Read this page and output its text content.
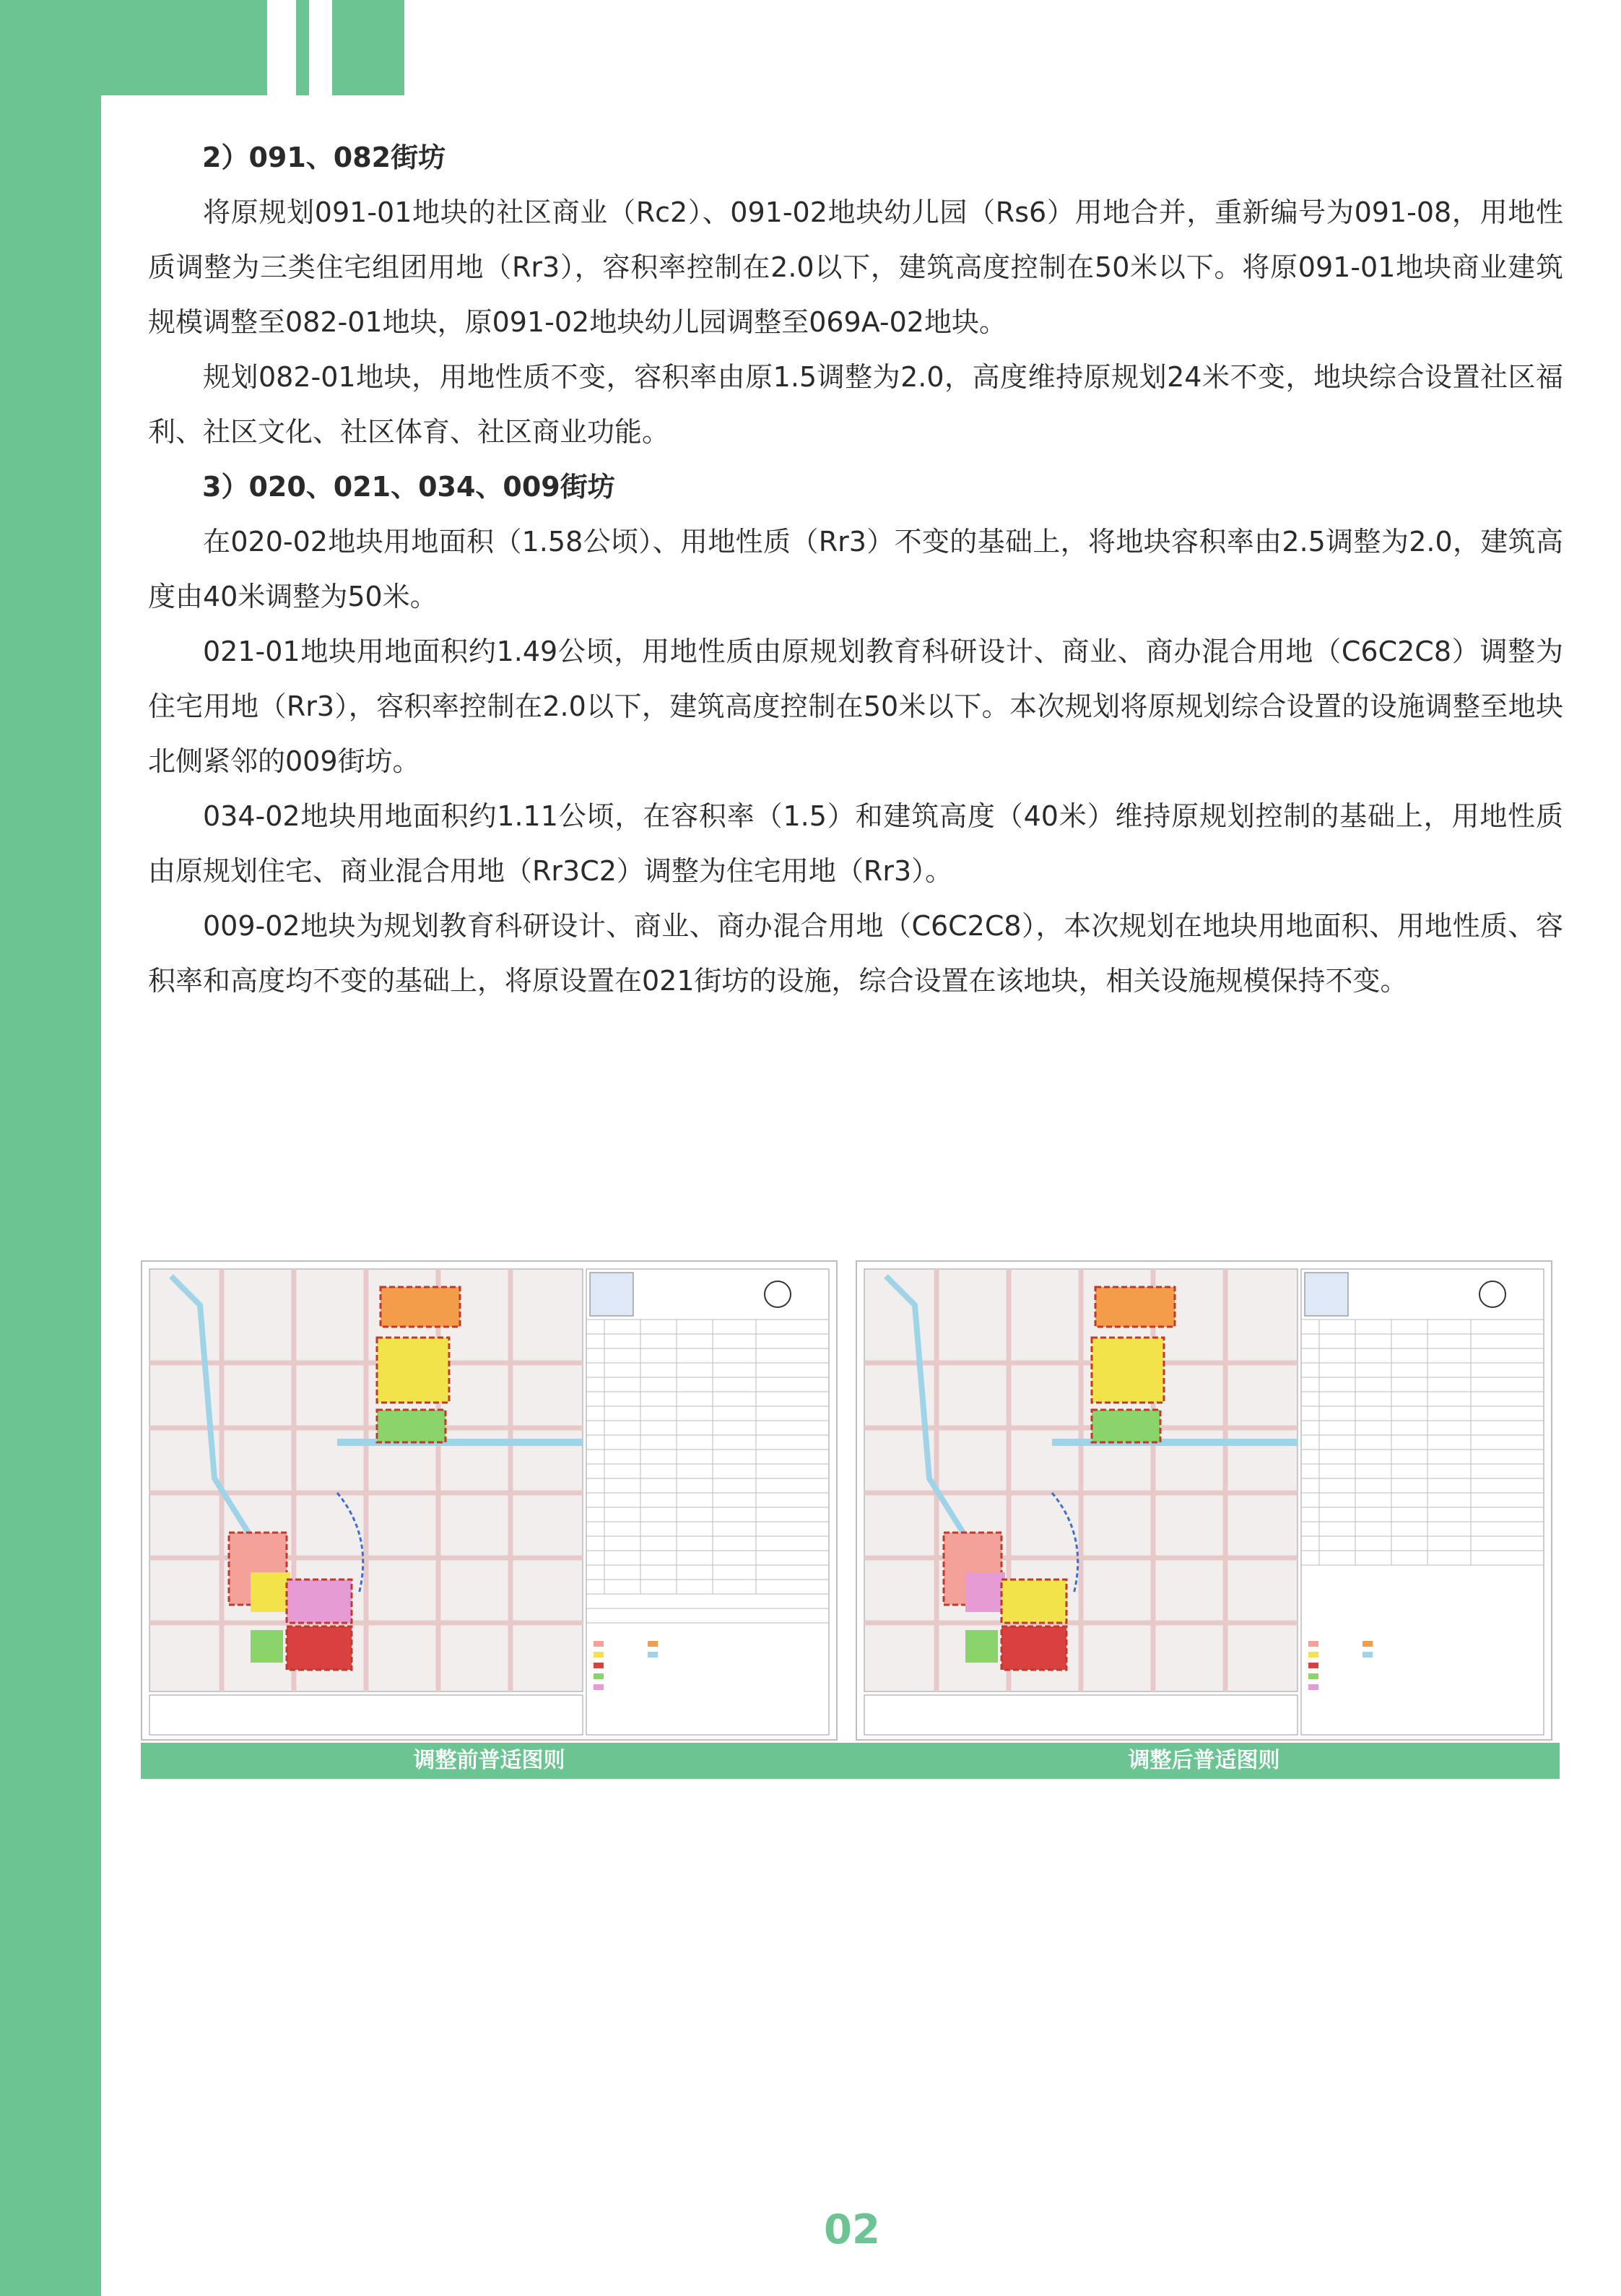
2）091、082街坊

将原规划091-01地块的社区商业（Rc2）、091-02地块幼儿园（Rs6）用地合并，重新编号为091-08，用地性质调整为三类住宅组团用地（Rr3），容积率控制在2.0以下，建筑高度控制在50米以下。将原091-01地块商业建筑规模调整至082-01地块，原091-02地块幼儿园调整至069A-02地块。

规划082-01地块，用地性质不变，容积率由原1.5调整为2.0，高度维持原规划24米不变，地块综合设置社区福利、社区文化、社区体育、社区商业功能。

3）020、021、034、009街坊

在020-02地块用地面积（1.58公顷）、用地性质（Rr3）不变的基础上，将地块容积率由2.5调整为2.0，建筑高度由40米调整为50米。

021-01地块用地面积约1.49公顷，用地性质由原规划教育科研设计、商业、商办混合用地（C6C2C8）调整为住宅用地（Rr3），容积率控制在2.0以下，建筑高度控制在50米以下。本次规划将原规划综合设置的设施调整至地块北侧紧邻的009街坊。

034-02地块用地面积约1.11公顷，在容积率（1.5）和建筑高度（40米）维持原规划控制的基础上，用地性质由原规划住宅、商业混合用地（Rr3C2）调整为住宅用地（Rr3）。

009-02地块为规划教育科研设计、商业、商办混合用地（C6C2C8），本次规划在地块用地面积、用地性质、容积率和高度均不变的基础上，将原设置在021街坊的设施，综合设置在该地块，相关设施规模保持不变。

调整前普适图则	调整后普适图则
02
